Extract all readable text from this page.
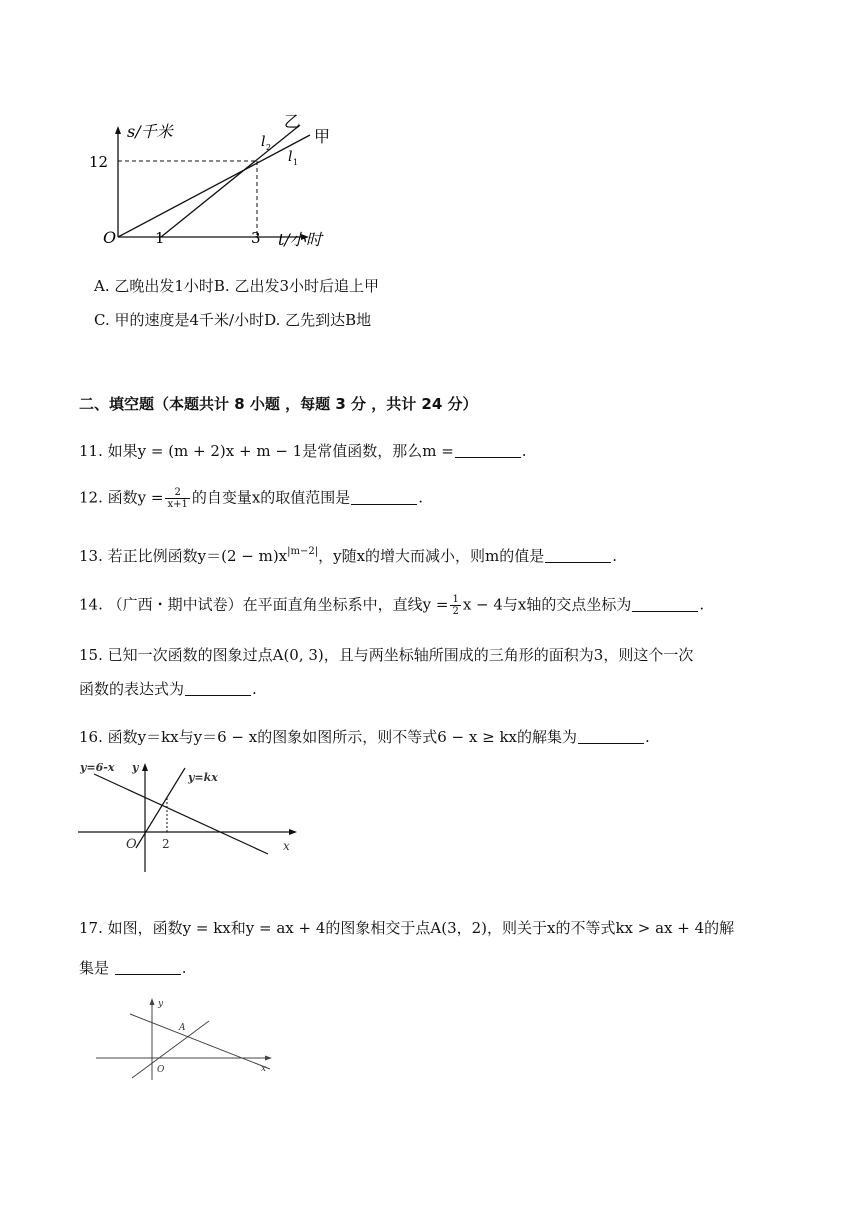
s/千米
12
O	1	3 t/小时
l 2
l 1
乙
甲
A. 乙晚出发1小时B. 乙出发3小时后追上甲
C. 甲的速度是4千米/小时D. 乙先到达B地
二、填空题（本题共计 8 小题 ，每题 3 分 ，共计 24 分）
11. 如果y = (m + 2)x + m − 1是常值函数，那么m =	.
12. 函数$y = \frac{2}{x+1}$ 的自变量x的取值范围是	.
13. 若正比例函数$y=(2 - m)x^{|m-2|}$，y随x的增大而减小，则m的值是	.
14. （广西・期中试卷）在平面直角坐标系中，直线$y = \frac{1}{2}$ x − 4与x轴的交点坐标为	.
15. 已知一次函数的图象过点A(0, 3)，且与两坐标轴所围成的三角形的面积为3，则这个一次
函数的表达式为	.
16. 函数y＝kx与y＝6 − x的图象如图所示，则不等式6 − x ≥ kx的解集为	.
y=6-x
y=kx
y
x
O 2
17. 如图，函数y = kx和y = ax + 4的图象相交于点A(3，2)，则关于x的不等式kx > ax + 4的解
集是	.
y
x
O
A
